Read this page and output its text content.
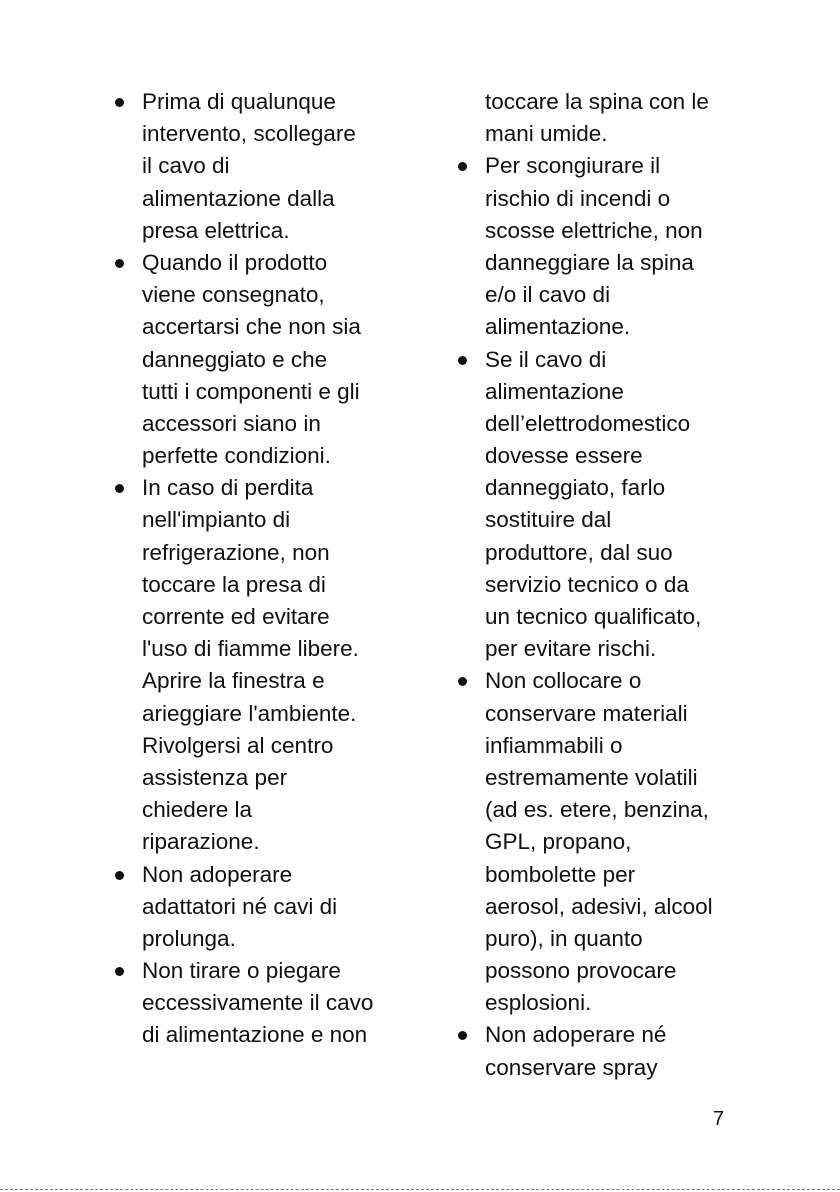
Prima di qualunque
intervento, scollegare
il cavo di
alimentazione dalla
presa elettrica.
Quando il prodotto
viene consegnato,
accertarsi che non sia
danneggiato e che
tutti i componenti e gli
accessori siano in
perfette condizioni.
In caso di perdita
nell'impianto di
refrigerazione, non
toccare la presa di
corrente ed evitare
l'uso di fiamme libere.
Aprire la finestra e
arieggiare l'ambiente.
Rivolgersi al centro
assistenza per
chiedere la
riparazione.
Non adoperare
adattatori né cavi di
prolunga.
Non tirare o piegare
eccessivamente il cavo
di alimentazione e non
toccare la spina con le
mani umide.
Per scongiurare il
rischio di incendi o
scosse elettriche, non
danneggiare la spina
e/o il cavo di
alimentazione.
Se il cavo di
alimentazione
dell’elettrodomestico
dovesse essere
danneggiato, farlo
sostituire dal
produttore, dal suo
servizio tecnico o da
un tecnico qualificato,
per evitare rischi.
Non collocare o
conservare materiali
infiammabili o
estremamente volatili
(ad es. etere, benzina,
GPL, propano,
bombolette per
aerosol, adesivi, alcool
puro), in quanto
possono provocare
esplosioni.
Non adoperare né
conservare spray
7
